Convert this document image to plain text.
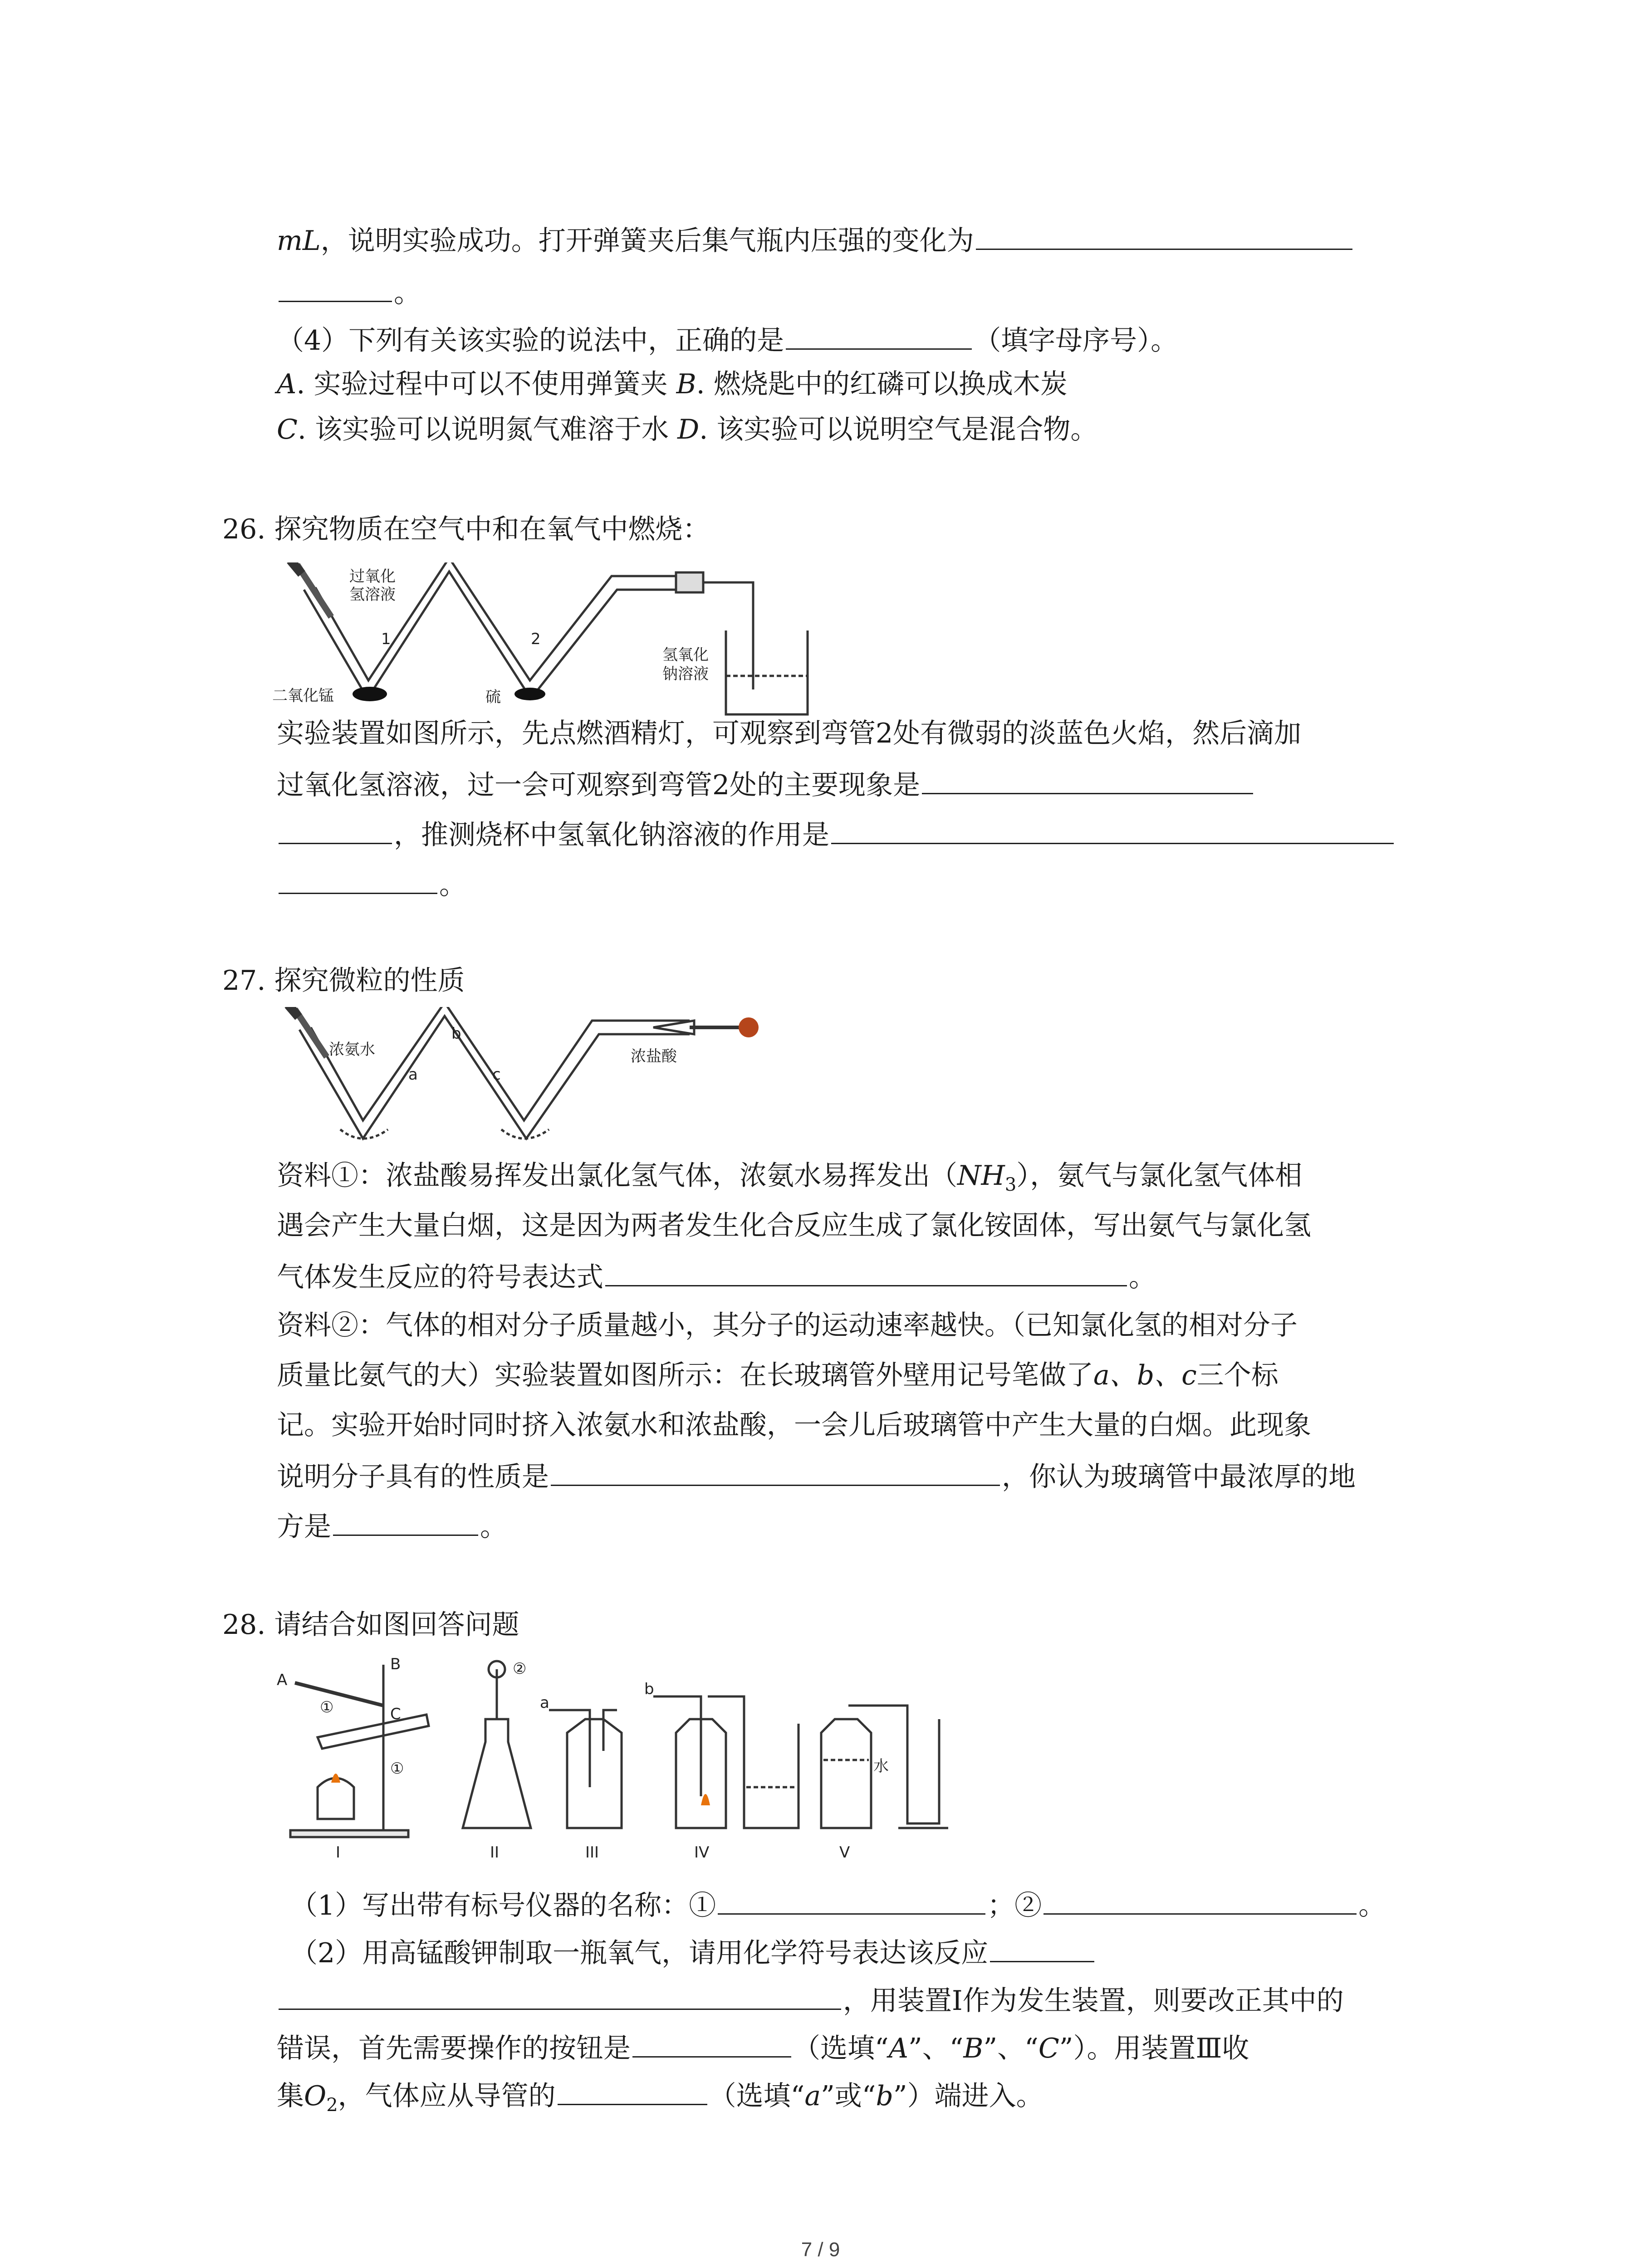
mL，说明实验成功。打开弹簧夹后集气瓶内压强的变化为
。
（4）下列有关该实验的说法中，正确的是	（填字母序号）。
A. 实验过程中可以不使用弹簧夹 B. 燃烧匙中的红磷可以换成木炭
C. 该实验可以说明氮气难溶于水 D. 该实验可以说明空气是混合物。
26. 探究物质在空气中和在氧气中燃烧：
过氧化
氢溶液
1	2
二氧化锰	硫
氢氧化
钠溶液
实验装置如图所示，先点燃酒精灯，可观察到弯管2处有微弱的淡蓝色火焰，然后滴加
过氧化氢溶液，过一会可观察到弯管2处的主要现象是
，推测烧杯中氢氧化钠溶液的作用是
。
27. 探究微粒的性质
浓氨水
a
b
c
浓盐酸
资料①：浓盐酸易挥发出氯化氢气体，浓氨水易挥发出$(NH_3)$，氨气与氯化氢气体相
遇会产生大量白烟，这是因为两者发生化合反应生成了氯化铵固体，写出氨气与氯化氢
气体发生反应的符号表达式	。
资料②：气体的相对分子质量越小，其分子的运动速率越快。（已知氯化氢的相对分子
质量比氨气的大）实验装置如图所示：在长玻璃管外壁用记号笔做了a、b、c三个标
记。实验开始时同时挤入浓氨水和浓盐酸，一会儿后玻璃管中产生大量的白烟。此现象
说明分子具有的性质是	，你认为玻璃管中最浓厚的地
方是	。
28. 请结合如图回答问题
A
B
C
①
①
②
a
b
水
I	II	III	IV	V
（1）写出带有标号仪器的名称：①	；②	。
（2）用高锰酸钾制取一瓶氧气，请用化学符号表达该反应
，用装置Ⅰ作为发生装置，则要改正其中的
错误，首先需要操作的按钮是	（选填“A”、“B”、“C”）。用装置Ⅲ收
集$O_2$，气体应从导管的	（选填“a”或“b”）端进入。
7 / 9
